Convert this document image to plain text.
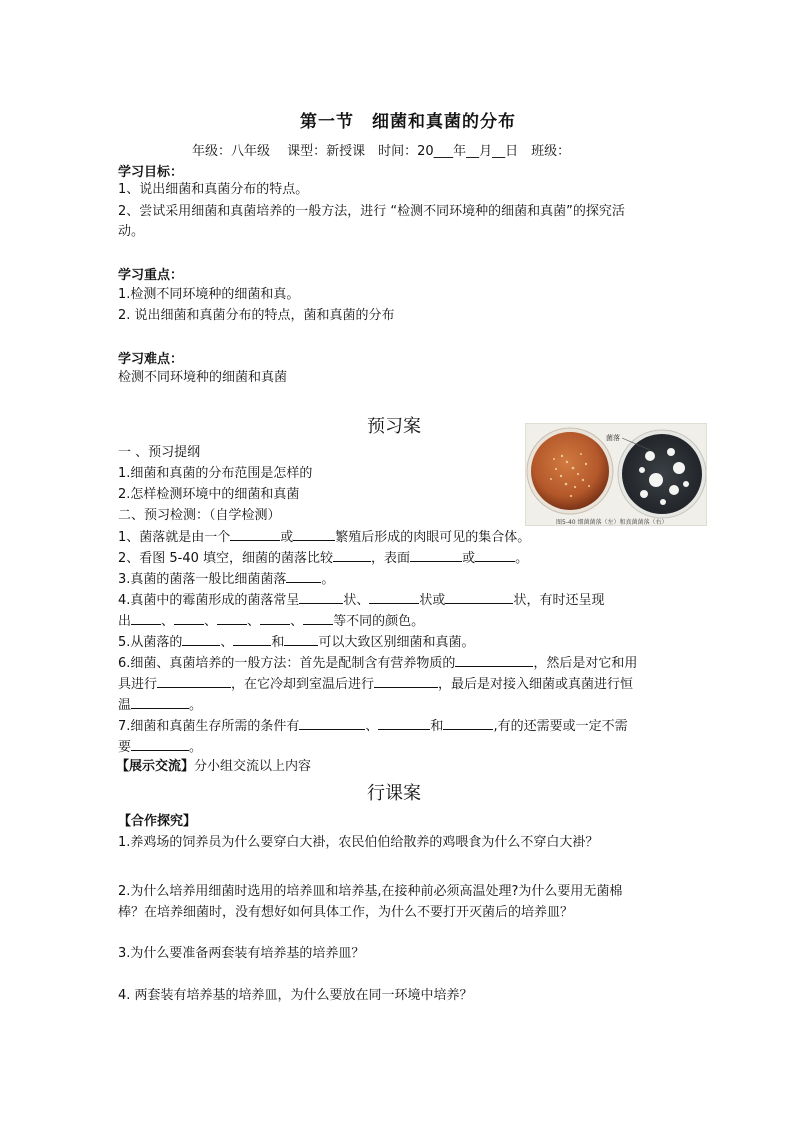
第一节　细菌和真菌的分布
年级：八年级　 课型：新授课　时间：20___年__月__日　班级：
学习目标：
1、说出细菌和真菌分布的特点。
2、尝试采用细菌和真菌培养的一般方法，进行 “检测不同环境种的细菌和真菌”的探究活
动。
学习重点：
1.检测不同环境种的细菌和真。
2. 说出细菌和真菌分布的特点，菌和真菌的分布
学习难点：
检测不同环境种的细菌和真菌
预习案
菌落
图5-40 细菌菌落（左）和真菌菌落（右）
一 、预习提纲
1.细菌和真菌的分布范围是怎样的
2.怎样检测环境中的细菌和真菌
二、预习检测：（自学检测）
1、菌落就是由一个	或	繁殖后形成的肉眼可见的集合体。
2、看图 5-40 填空，细菌的菌落比较	，表面	或	。
3.真菌的菌落一般比细菌菌落	。
4.真菌中的霉菌形成的菌落常呈	状、	状或	状，有时还呈现
出 、 、 、 、 等不同的颜色。
5.从菌落的	、	和	可以大致区别细菌和真菌。
6.细菌、真菌培养的一般方法：首先是配制含有营养物质的	，然后是对它和用
具进行	，在它冷却到室温后进行	，最后是对接入细菌或真菌进行恒
温	。
7.细菌和真菌生存所需的条件有	、	和	,有的还需要或一定不需
要	。
【展示交流】分小组交流以上内容
行课案
【合作探究】
1.养鸡场的饲养员为什么要穿白大褂，农民伯伯给散养的鸡喂食为什么不穿白大褂？
2.为什么培养用细菌时选用的培养皿和培养基,在接种前必须高温处理?为什么要用无菌棉
棒？在培养细菌时，没有想好如何具体工作，为什么不要打开灭菌后的培养皿？
3.为什么要准备两套装有培养基的培养皿？
4. 两套装有培养基的培养皿，为什么要放在同一环境中培养？
